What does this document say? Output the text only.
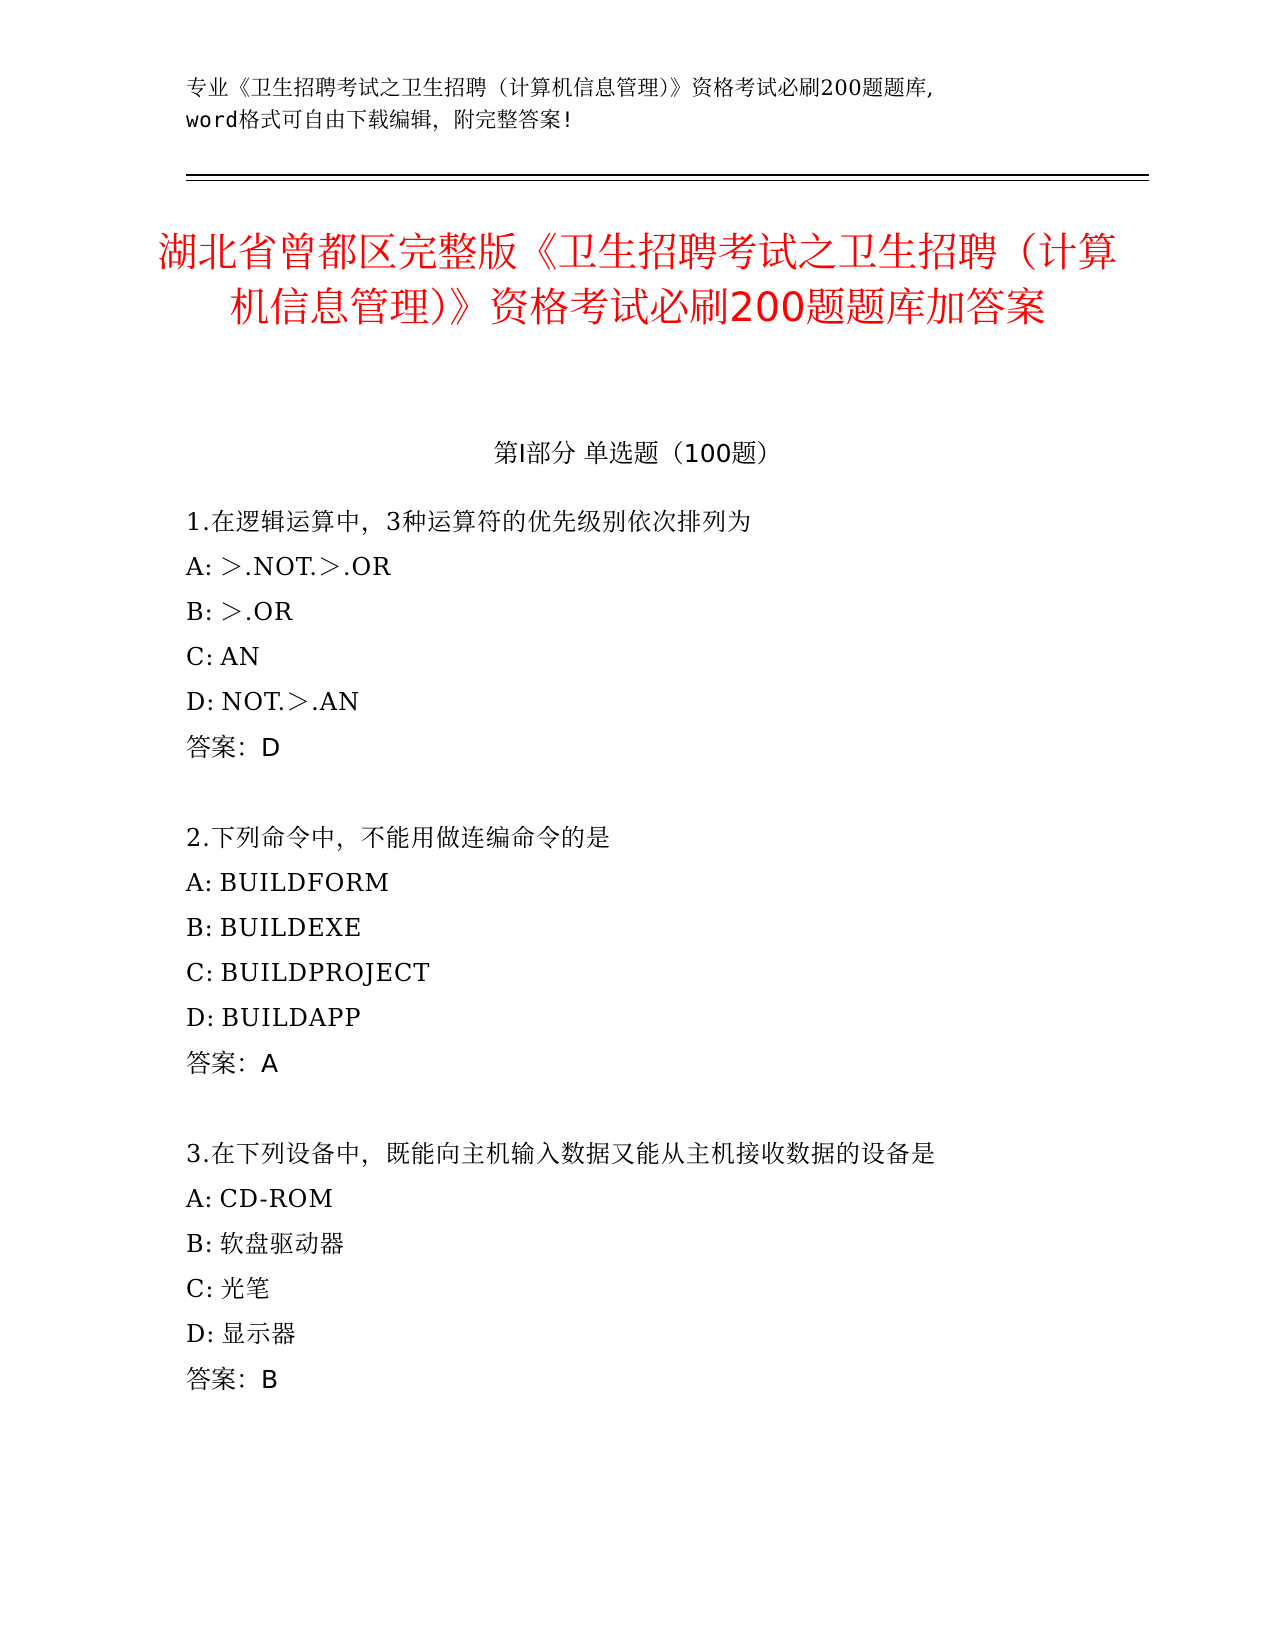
专业《卫生招聘考试之卫生招聘（计算机信息管理）》资格考试必刷200题题库,
word格式可自由下载编辑，附完整答案!
湖北省曾都区完整版《卫生招聘考试之卫生招聘（计算机信息管理）》资格考试必刷200题题库加答案
第Ⅰ部分 单选题（100题）
1.在逻辑运算中，3种运算符的优先级别依次排列为
A: ＞.NOT.＞.OR
B: ＞.OR
C: AN
D: NOT.＞.AN
答案：D
2.下列命令中，不能用做连编命令的是
A: BUILDFORM
B: BUILDEXE
C: BUILDPROJECT
D: BUILDAPP
答案：A
3.在下列设备中，既能向主机输入数据又能从主机接收数据的设备是
A: CD-ROM
B: 软盘驱动器
C: 光笔
D: 显示器
答案：B
